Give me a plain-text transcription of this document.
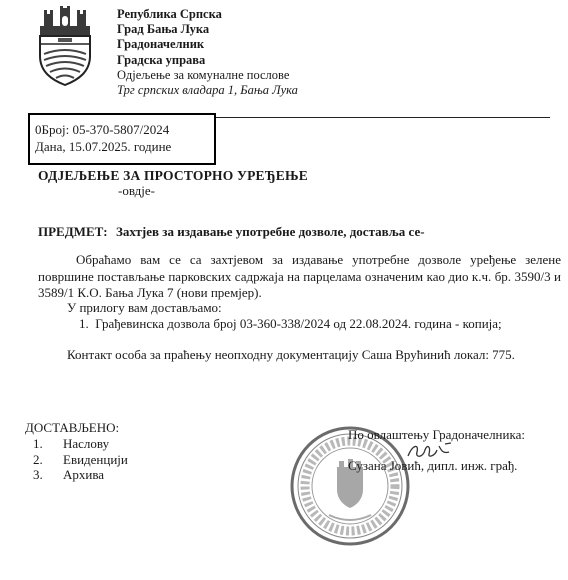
Република Српска
Град Бања Лука
Градоначелник
Градска управа
Одјељење за комуналне послове
Трг српских владара 1, Бања Лука
0Број: 05-370-5807/2024
Дана, 15.07.2025. године
ОДЈЕЉЕЊЕ ЗА ПРОСТОРНО УРЕЂЕЊЕ
-овдје-
ПРЕДМЕТ: Захтјев за издавање употребне дозволе, доставља се-
Обраћамо вам се са захтјевом за издавање употребне дозволе уређење зелене површине постављање парковских садржаја на парцелама означеним као дио к.ч. бр. 3590/3 и 3589/1 К.О. Бања Лука 7 (нови премјер).
У прилогу вам достављамо:
1. Грађевинска дозвола број 03-360-338/2024 од 22.08.2024. година - копија;
Контакт особа за праћењу неопходну документацију Саша Врућинић локал: 775.
ДОСТАВЉЕНО:
1. Наслову
2. Евиденцији
3. Архива
По овлаштењу Градоначелника:
Сузана Јовић, дипл. инж. грађ.
